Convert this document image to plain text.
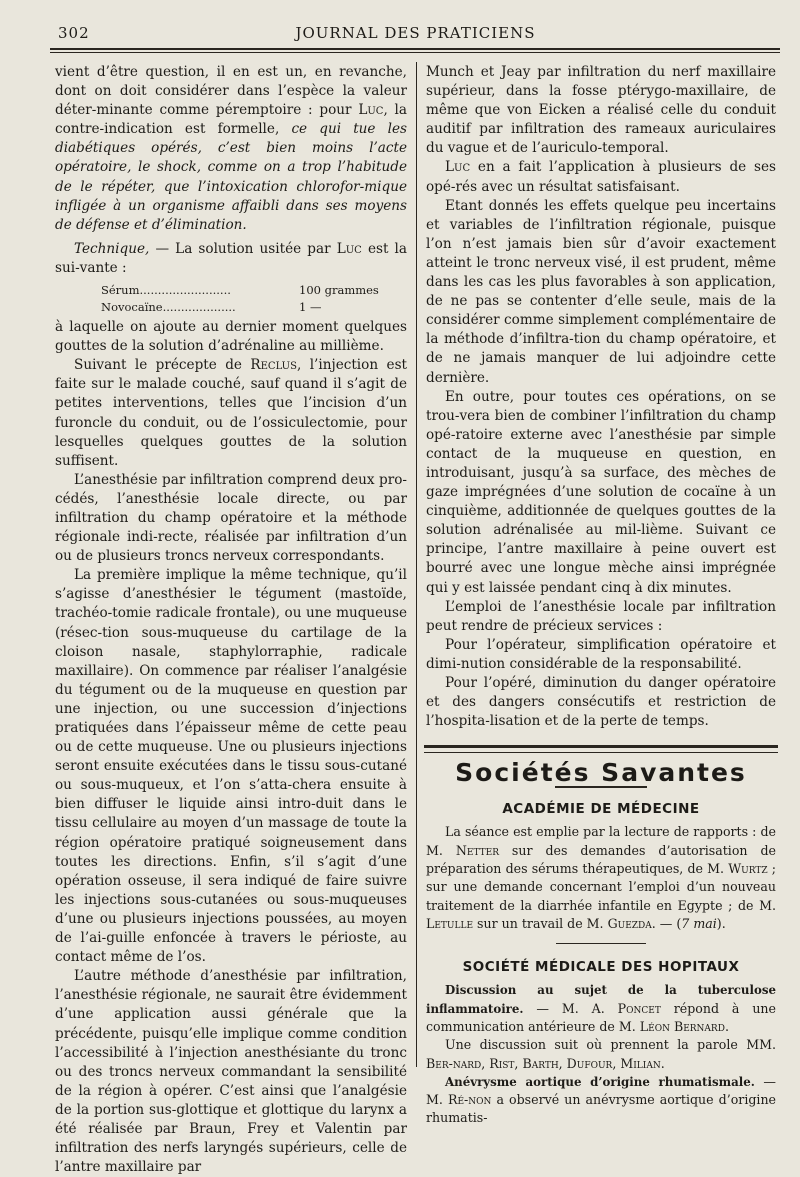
302	JOURNAL DES PRATICIENS

vient d’être question, il en est un, en revanche, dont on doit considérer dans l’espèce la valeur déter-minante comme péremptoire : pour Luc, la contre-indication est formelle, ce qui tue les diabétiques opérés, c’est bien moins l’acte opératoire, le shock, comme on a trop l’habitude de le répéter, que l’intoxication chlorofor-mique infligée à un organisme affaibli dans ses moyens de défense et d’élimination.

Technique, — La solution usitée par Luc est la sui-vante :

Sérum.........................	100 grammes
Novocaïne....................	1 —

à laquelle on ajoute au dernier moment quelques gouttes de la solution d’adrénaline au millième.

Suivant le précepte de Reclus, l’injection est faite sur le malade couché, sauf quand il s’agit de petites interventions, telles que l’incision d’un furoncle du conduit, ou de l’ossiculectomie, pour lesquelles quelques gouttes de la solution suffisent.

L’anesthésie par infiltration comprend deux pro-cédés, l’anesthésie locale directe, ou par infiltration du champ opératoire et la méthode régionale indi-recte, réalisée par infiltration d’un ou de plusieurs troncs nerveux correspondants.

La première implique la même technique, qu’il s’agisse d’anesthésier le tégument (mastoïde, trachéo-tomie radicale frontale), ou une muqueuse (résec-tion sous-muqueuse du cartilage de la cloison nasale, staphylorraphie, radicale maxillaire). On commence par réaliser l’analgésie du tégument ou de la muqueuse en question par une injection, ou une succession d’injections pratiquées dans l’épaisseur même de cette peau ou de cette muqueuse. Une ou plusieurs injections seront ensuite exécutées dans le tissu sous-cutané ou sous-muqueux, et l’on s’atta-chera ensuite à bien diffuser le liquide ainsi intro-duit dans le tissu cellulaire au moyen d’un massage de toute la région opératoire pratiqué soigneusement dans toutes les directions. Enfin, s’il s’agit d’une opération osseuse, il sera indiqué de faire suivre les injections sous-cutanées ou sous-muqueuses d’une ou plusieurs injections poussées, au moyen de l’ai-guille enfoncée à travers le périoste, au contact même de l’os.

L’autre méthode d’anesthésie par infiltration, l’anesthésie régionale, ne saurait être évidemment d’une application aussi générale que la précédente, puisqu’elle implique comme condition l’accessibilité à l’injection anesthésiante du tronc ou des troncs nerveux commandant la sensibilité de la région à opérer. C’est ainsi que l’analgésie de la portion sus-glottique et glottique du larynx a été réalisée par Braun, Frey et Valentin par infiltration des nerfs laryngés supérieurs, celle de l’antre maxillaire par

Munch et Jeay par infiltration du nerf maxillaire supérieur, dans la fosse ptérygo-maxillaire, de même que von Eicken a réalisé celle du conduit auditif par infiltration des rameaux auriculaires du vague et de l’auriculo-temporal.

Luc en a fait l’application à plusieurs de ses opé-rés avec un résultat satisfaisant.

Etant donnés les effets quelque peu incertains et variables de l’infiltration régionale, puisque l’on n’est jamais bien sûr d’avoir exactement atteint le tronc nerveux visé, il est prudent, même dans les cas les plus favorables à son application, de ne pas se contenter d’elle seule, mais de la considérer comme simplement complémentaire de la méthode d’infiltra-tion du champ opératoire, et de ne jamais manquer de lui adjoindre cette dernière.

En outre, pour toutes ces opérations, on se trou-vera bien de combiner l’infiltration du champ opé-ratoire externe avec l’anesthésie par simple contact de la muqueuse en question, en introduisant, jusqu’à sa surface, des mèches de gaze imprégnées d’une solution de cocaïne à un cinquième, additionnée de quelques gouttes de la solution adrénalisée au mil-lième. Suivant ce principe, l’antre maxillaire à peine ouvert est bourré avec une longue mèche ainsi imprégnée qui y est laissée pendant cinq à dix minutes.

L’emploi de l’anesthésie locale par infiltration peut rendre de précieux services :

Pour l’opérateur, simplification opératoire et dimi-nution considérable de la responsabilité.

Pour l’opéré, diminution du danger opératoire et des dangers consécutifs et restriction de l’hospita-lisation et de la perte de temps.

Sociétés Savantes
ACADÉMIE DE MÉDECINE

La séance est emplie par la lecture de rapports : de M. Netter sur des demandes d’autorisation de préparation des sérums thérapeutiques, de M. Wurtz ; sur une demande concernant l’emploi d’un nouveau traitement de la diarrhée infantile en Egypte ; de M. Letulle sur un travail de M. Guezda. — (7 mai).

SOCIÉTÉ MÉDICALE DES HOPITAUX

Discussion au sujet de la tuberculose inflammatoire. — M. A. Poncet répond à une communication antérieure de M. Léon Bernard.

Une discussion suit où prennent la parole MM. Ber-nard, Rist, Barth, Dufour, Milian.

Anévrysme aortique d’origine rhumatismale. — M. Ré-non a observé un anévrysme aortique d’origine rhumatis-
